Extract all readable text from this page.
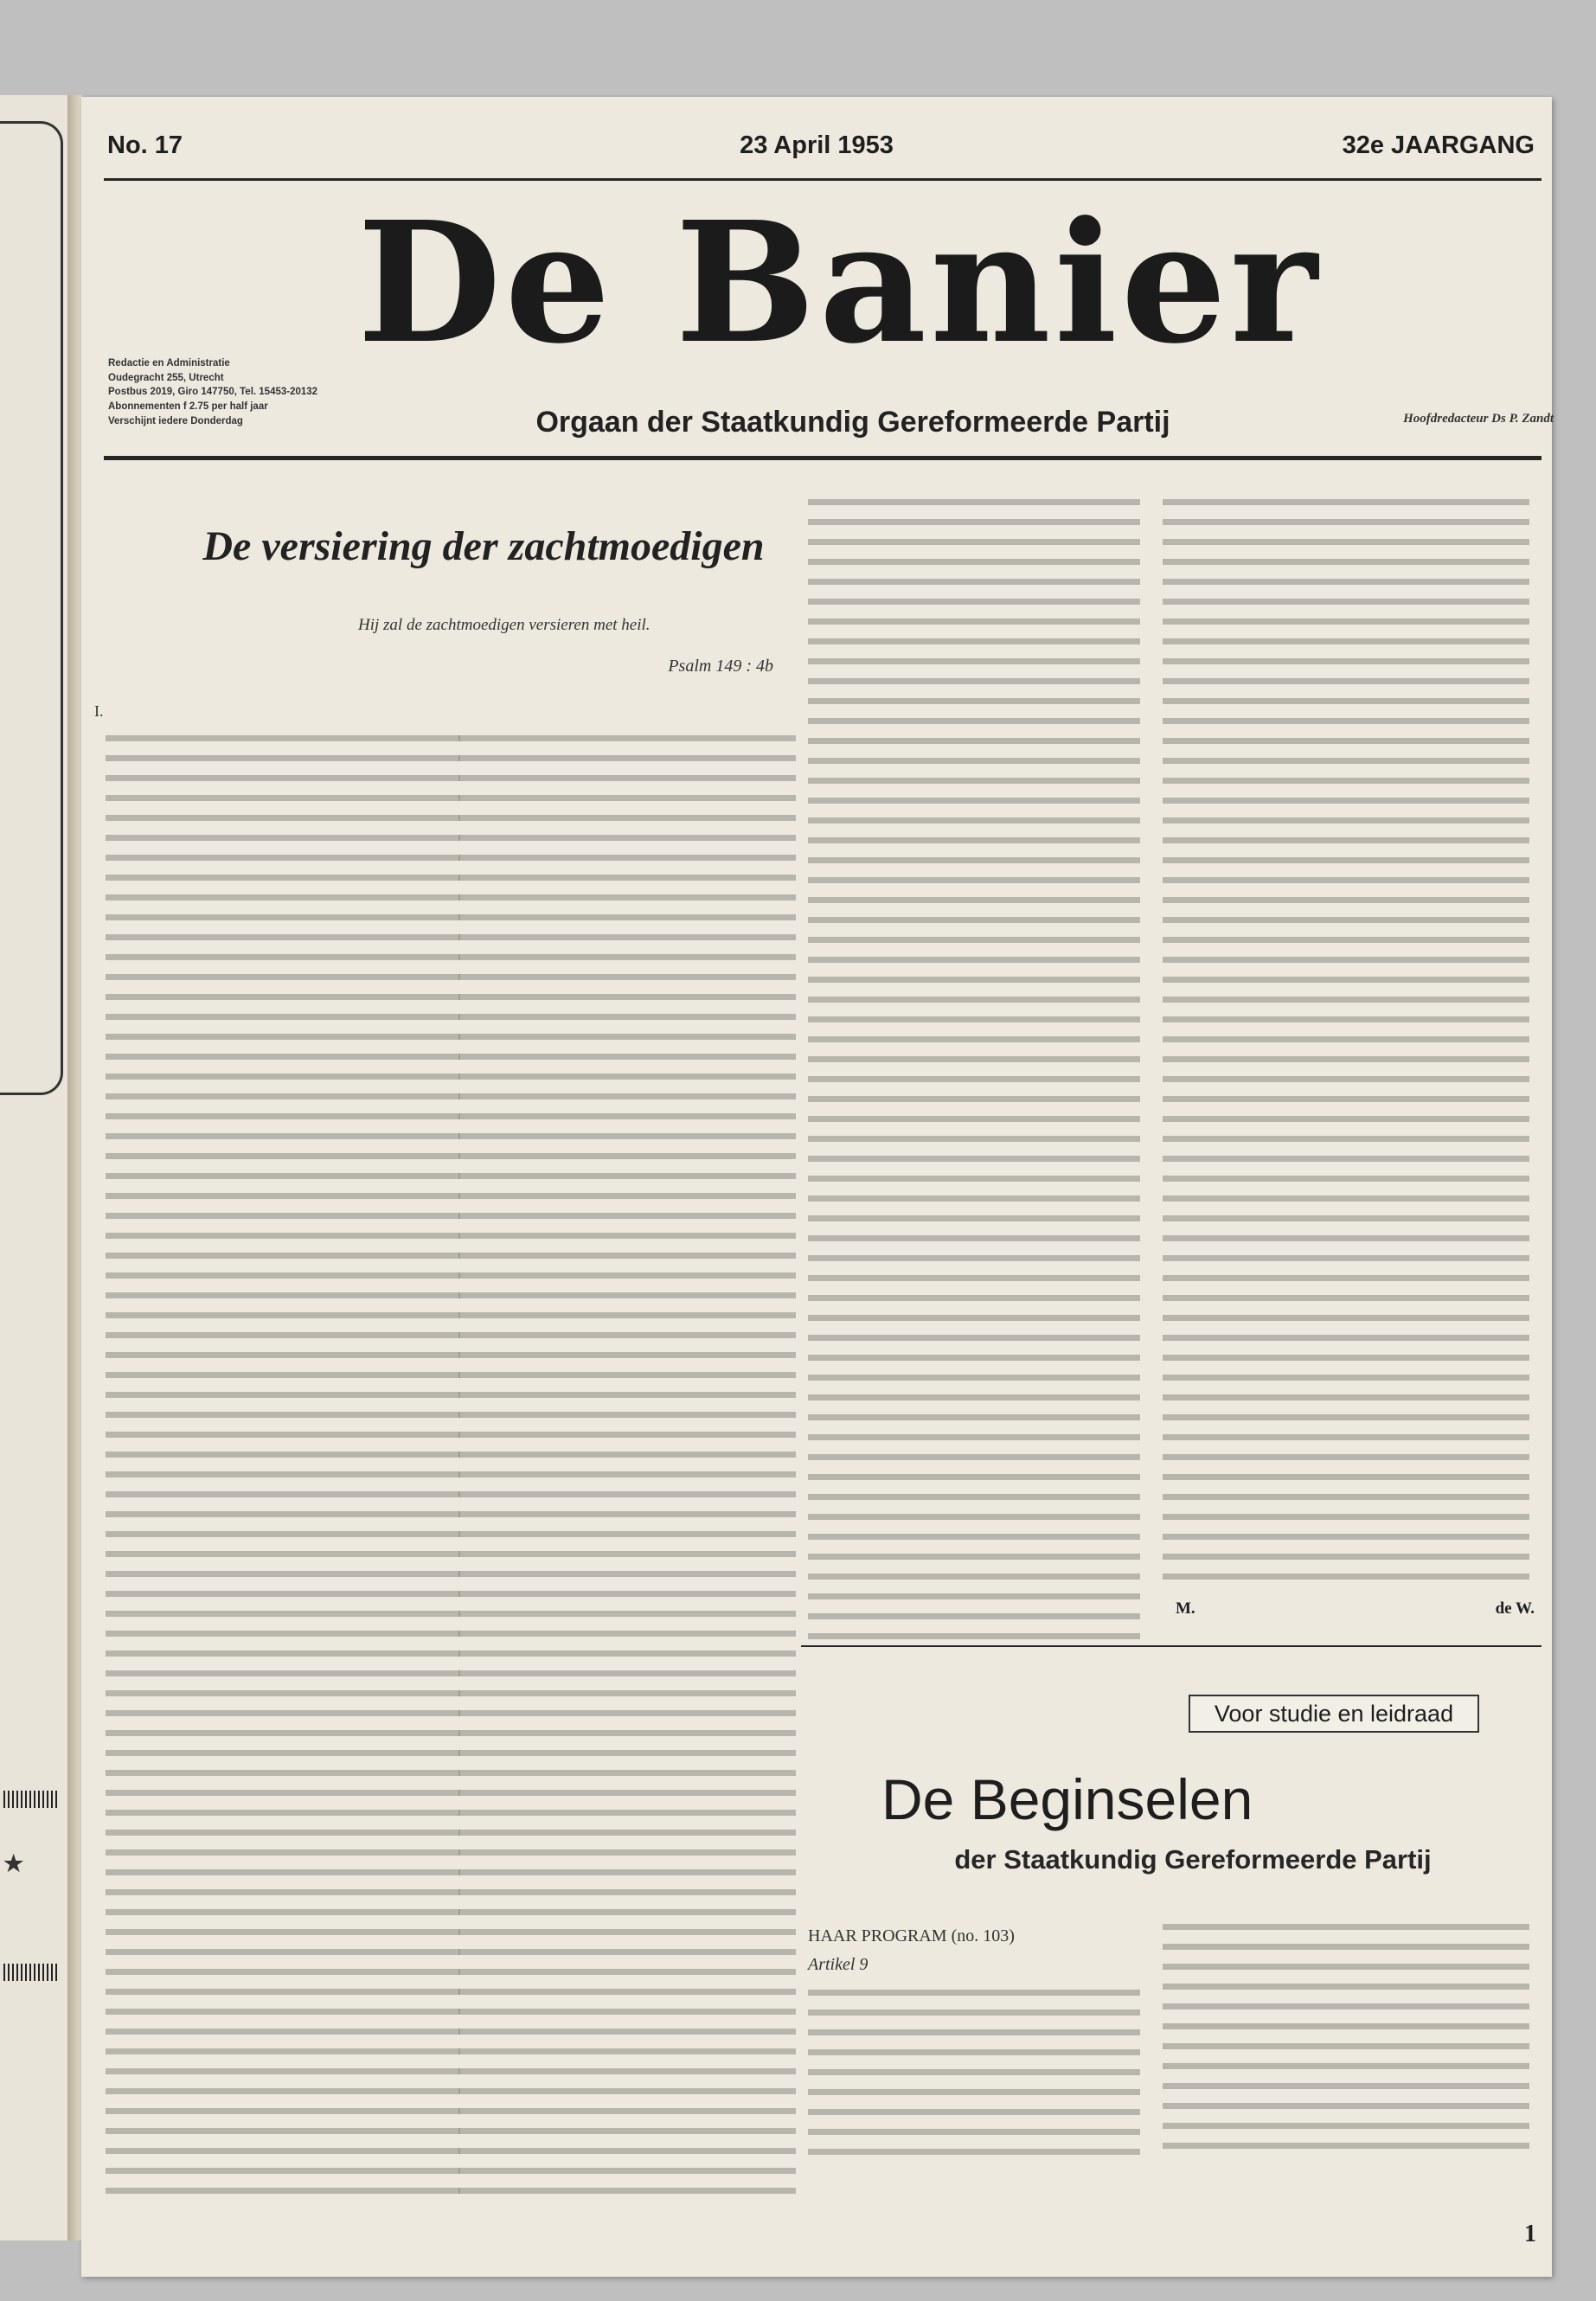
★
No. 17	23 April 1953	32e JAARGANG
Redactie en Administratie
Oudegracht 255, Utrecht
Postbus 2019, Giro 147750, Tel. 15453-20132
Abonnementen f 2.75 per half jaar
Verschijnt iedere Donderdag
De Banier
Orgaan der Staatkundig Gereformeerde Partij	Hoofdredacteur Ds P. Zandt
De versiering der zachtmoedigen
Hij zal de zachtmoedigen versieren met heil.
Psalm 149 : 4b
I.
M.	de W.
Voor studie en leidraad
De Beginselen
der Staatkundig Gereformeerde Partij
HAAR PROGRAM (no. 103)
Artikel 9
1
